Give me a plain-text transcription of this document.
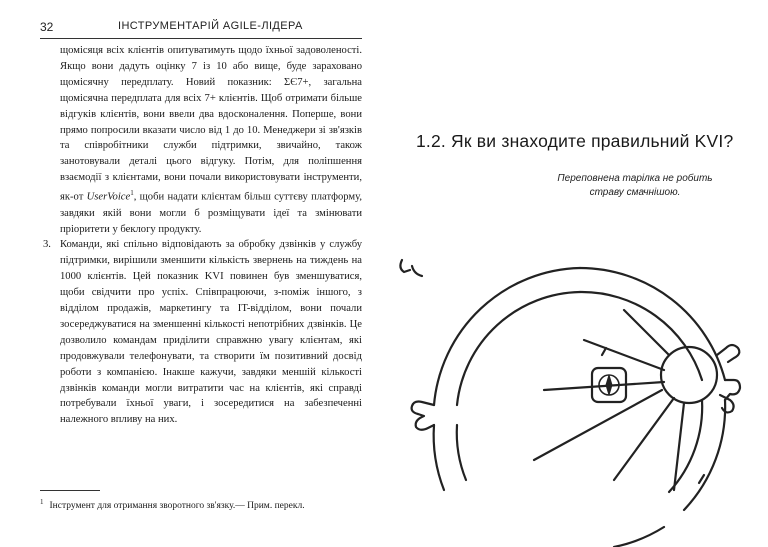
32	ІНСТРУМЕНТАРІЙ AGILE-ЛІДЕРА

щомісяця всіх клієнтів опитуватимуть щодо їхньої задоволеності. Якщо вони дадуть оцінку 7 із 10 або вище, буде зараховано щомісячну передплату. Новий показник: ΣЄ7+, загальна щомісячна передплата для всіх 7+ клієнтів. Щоб отримати більше відгуків клієнтів, вони ввели два вдосконалення. Поперше, вони прямо попросили вказати число від 1 до 10. Менеджери зі зв'язків та співробітники служби підтримки, звичайно, також занотовували деталі цього відгуку. Потім, для поліпшення взаємодії з клієнтами, вони почали використовувати інструменти, як-от UserVoice$^1$, щоби надати клієнтам більш суттєву платформу, завдяки якій вони могли б розміщувати ідеї та змінювати пріоритети у беклогу продукту.

3. Команди, які спільно відповідають за обробку дзвінків у службу підтримки, вирішили зменшити кількість звернень на тиждень на 1000 клієнтів. Цей показник KVI повинен був зменшуватися, щоби свідчити про успіх. Співпрацюючи, з-поміж іншого, з відділом продажів, маркетингу та IT-відділом, вони почали зосереджуватися на зменшенні кількості непотрібних дзвінків. Це дозволило командам приділити справжню увагу клієнтам, які продовжували телефонувати, та створити їм позитивний досвід роботи з компанією. Інакше кажучи, завдяки меншій кількості дзвінків команди могли витратити час на клієнтів, які справді потребували їхньої уваги, і зосередитися на забезпеченні належного впливу на них.

$^1$ Інструмент для отримання зворотного зв'язку.— Прим. перекл.
1.2. Як ви знаходите правильний KVI?
Переповнена тарілка не робить страву смачнішою.
